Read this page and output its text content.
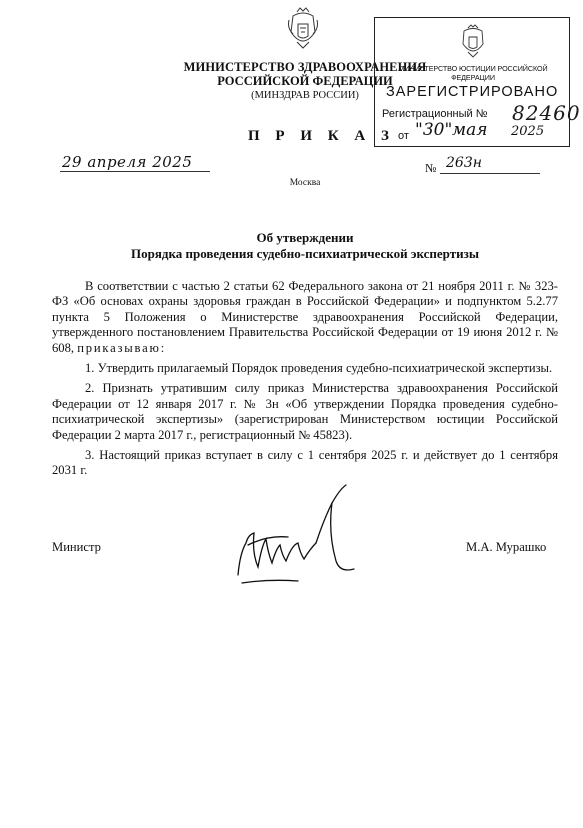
МИНИСТЕРСТВО ЗДРАВООХРАНЕНИЯ
РОССИЙСКОЙ ФЕДЕРАЦИИ
(МИНЗДРАВ РОССИИ)
П Р И К А З
МИНИСТЕРСТВО ЮСТИЦИИ РОССИЙСКОЙ ФЕДЕРАЦИИ
ЗАРЕГИСТРИРОВАНО
Регистрационный № 82460
от "30" мая 2025
29 апреля 2025	№ 263н
Москва
Об утверждении
Порядка проведения судебно-психиатрической экспертизы

В соответствии с частью 2 статьи 62 Федерального закона от 21 ноября 2011 г. № 323-ФЗ «Об основах охраны здоровья граждан в Российской Федерации» и подпунктом 5.2.77 пункта 5 Положения о Министерстве здравоохранения Российской Федерации, утвержденного постановлением Правительства Российской Федерации от 19 июня 2012 г. № 608, приказываю:

1. Утвердить прилагаемый Порядок проведения судебно-психиатрической экспертизы.

2. Признать утратившим силу приказ Министерства здравоохранения Российской Федерации от 12 января 2017 г. № 3н «Об утверждении Порядка проведения судебно-психиатрической экспертизы» (зарегистрирован Министерством юстиции Российской Федерации 2 марта 2017 г., регистрационный № 45823).

3. Настоящий приказ вступает в силу с 1 сентября 2025 г. и действует до 1 сентября 2031 г.

Министр	М.А. Мурашко
